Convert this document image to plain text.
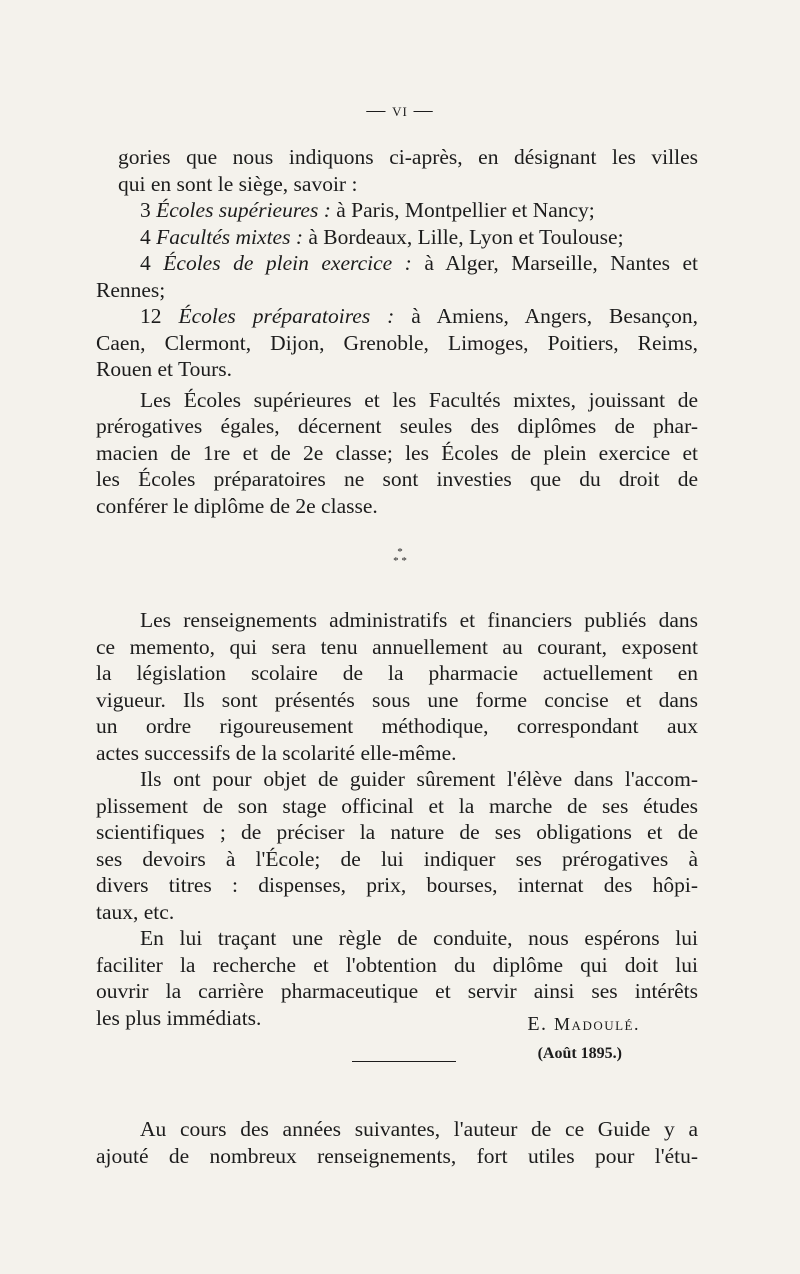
— vi —

gories que nous indiquons ci-après, en désignant les villes
qui en sont le siège, savoir :

3 Écoles supérieures : à Paris, Montpellier et Nancy;

4 Facultés mixtes : à Bordeaux, Lille, Lyon et Toulouse;

4 Écoles de plein exercice : à Alger, Marseille, Nantes et
Rennes;

12 Écoles préparatoires : à Amiens, Angers, Besançon,
Caen, Clermont, Dijon, Grenoble, Limoges, Poitiers, Reims,
Rouen et Tours.

Les Écoles supérieures et les Facultés mixtes, jouissant de
prérogatives égales, décernent seules des diplômes de phar-
macien de 1re et de 2e classe; les Écoles de plein exercice et
les Écoles préparatoires ne sont investies que du droit de
conférer le diplôme de 2e classe.

*
* *

Les renseignements administratifs et financiers publiés dans
ce memento, qui sera tenu annuellement au courant, exposent
la législation scolaire de la pharmacie actuellement en
vigueur. Ils sont présentés sous une forme concise et dans
un ordre rigoureusement méthodique, correspondant aux
actes successifs de la scolarité elle-même.

Ils ont pour objet de guider sûrement l'élève dans l'accom-
plissement de son stage officinal et la marche de ses études
scientifiques ; de préciser la nature de ses obligations et de
ses devoirs à l'École; de lui indiquer ses prérogatives à
divers titres : dispenses, prix, bourses, internat des hôpi-
taux, etc.

En lui traçant une règle de conduite, nous espérons lui
faciliter la recherche et l'obtention du diplôme qui doit lui
ouvrir la carrière pharmaceutique et servir ainsi ses intérêts
les plus immédiats.	E. Madoulé.
(Août 1895.)

Au cours des années suivantes, l'auteur de ce Guide y a
ajouté de nombreux renseignements, fort utiles pour l'étu-
